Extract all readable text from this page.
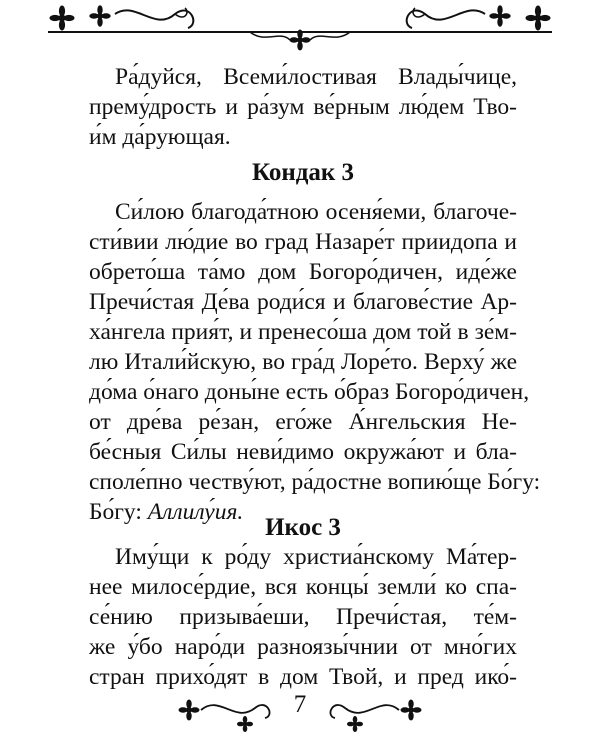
Ра́дуйся, Всеми́лостивая Влады́чице,
прему́дрость и ра́зум ве́рным лю́дем Тво-
и́м да́рующая.
Кондак 3
Си́лою благода́тною осеня́еми, благоче-
сти́вии лю́дие во град Назаре́т приидопа и
обрето́ша та́мо дом Богоро́дичен, иде́же
Пречи́стая Де́ва роди́ся и благове́стие Ар-
ха́нгела прия́т, и пренесо́ша дом той в зе́м-
лю Итали́йскую, во гра́д Лоре́то. Верху́ же
до́ма о́наго доны́не есть о́браз Богоро́дичен,
от дре́ва ре́зан, его́же А́нгельския Не-
бе́сныя Си́лы неви́димо окружа́ют и бла-
споле́пно честву́ют, ра́достне вопию́ще Бо́гу:
Бо́гу: Аллилу́ия.
Икос 3
Иму́щи к ро́ду христиа́нскому Ма́тер-
нее милосе́рдие, вся концы́ земли́ ко спа-
се́нию призыва́еши, Пречи́стая, те́м-
же у́бо наро́ди разноязы́чнии от мно́гих
стран прихо́дят в дом Твой, и пред ико́-
7
